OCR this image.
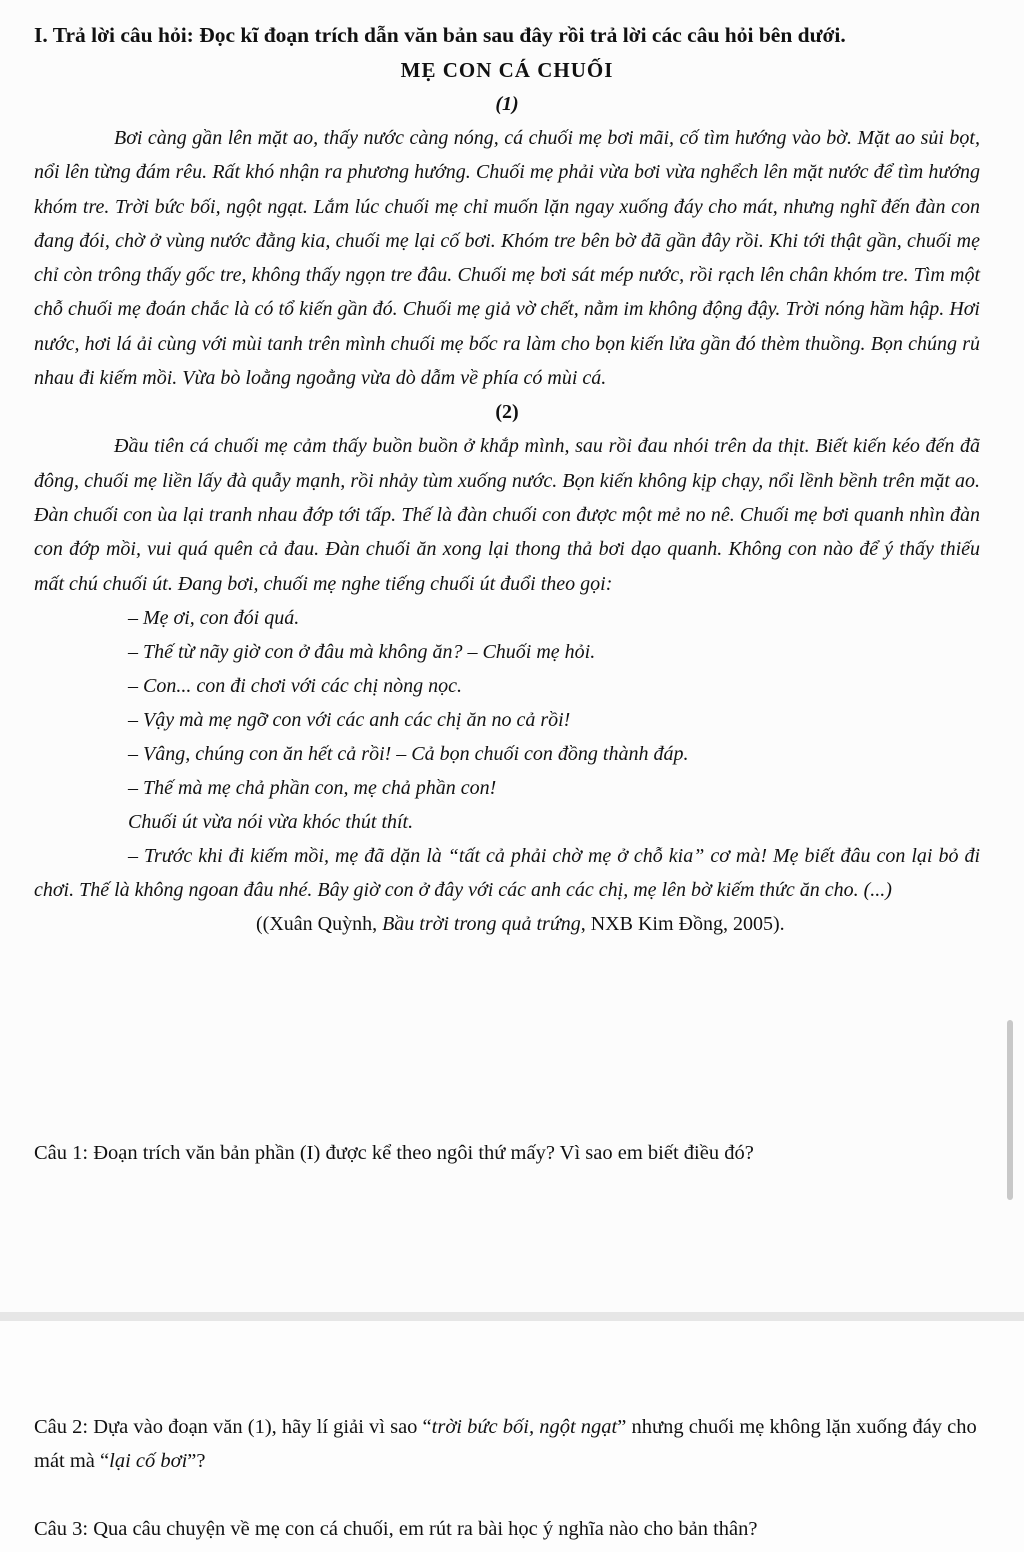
I. Trả lời câu hỏi: Đọc kĩ đoạn trích dẫn văn bản sau đây rồi trả lời các câu hỏi bên dưới.

MẸ CON CÁ CHUỐI

(1)

Bơi càng gần lên mặt ao, thấy nước càng nóng, cá chuối mẹ bơi mãi, cố tìm hướng vào bờ. Mặt ao sủi bọt, nổi lên từng đám rêu. Rất khó nhận ra phương hướng. Chuối mẹ phải vừa bơi vừa nghểch lên mặt nước để tìm hướng khóm tre. Trời bức bối, ngột ngạt. Lắm lúc chuối mẹ chỉ muốn lặn ngay xuống đáy cho mát, nhưng nghĩ đến đàn con đang đói, chờ ở vùng nước đằng kia, chuối mẹ lại cố bơi. Khóm tre bên bờ đã gần đây rồi. Khi tới thật gần, chuối mẹ chỉ còn trông thấy gốc tre, không thấy ngọn tre đâu. Chuối mẹ bơi sát mép nước, rồi rạch lên chân khóm tre. Tìm một chỗ chuối mẹ đoán chắc là có tổ kiến gần đó. Chuối mẹ giả vờ chết, nằm im không động đậy. Trời nóng hầm hập. Hơi nước, hơi lá ải cùng với mùi tanh trên mình chuối mẹ bốc ra làm cho bọn kiến lửa gần đó thèm thuồng. Bọn chúng rủ nhau đi kiếm mồi. Vừa bò loằng ngoằng vừa dò dẫm về phía có mùi cá.

(2)

Đầu tiên cá chuối mẹ cảm thấy buồn buồn ở khắp mình, sau rồi đau nhói trên da thịt. Biết kiến kéo đến đã đông, chuối mẹ liền lấy đà quẫy mạnh, rồi nhảy tùm xuống nước. Bọn kiến không kịp chạy, nổi lềnh bềnh trên mặt ao. Đàn chuối con ùa lại tranh nhau đớp tới tấp. Thế là đàn chuối con được một mẻ no nê. Chuối mẹ bơi quanh nhìn đàn con đớp mồi, vui quá quên cả đau. Đàn chuối ăn xong lại thong thả bơi dạo quanh. Không con nào để ý thấy thiếu mất chú chuối út. Đang bơi, chuối mẹ nghe tiếng chuối út đuổi theo gọi:

– Mẹ ơi, con đói quá.

– Thế từ nãy giờ con ở đâu mà không ăn? – Chuối mẹ hỏi.

– Con... con đi chơi với các chị nòng nọc.

– Vậy mà mẹ ngỡ con với các anh các chị ăn no cả rồi!

– Vâng, chúng con ăn hết cả rồi! – Cả bọn chuối con đồng thành đáp.

– Thế mà mẹ chả phần con, mẹ chả phần con!

Chuối út vừa nói vừa khóc thút thít.

– Trước khi đi kiếm mồi, mẹ đã dặn là “tất cả phải chờ mẹ ở chỗ kia” cơ mà! Mẹ biết đâu con lại bỏ đi chơi. Thế là không ngoan đâu nhé. Bây giờ con ở đây với các anh các chị, mẹ lên bờ kiếm thức ăn cho. (...)

((Xuân Quỳnh, Bầu trời trong quả trứng, NXB Kim Đồng, 2005).

Câu 1: Đoạn trích văn bản phần (I) được kể theo ngôi thứ mấy? Vì sao em biết điều đó?

Câu 2: Dựa vào đoạn văn (1), hãy lí giải vì sao “trời bức bối, ngột ngạt” nhưng chuối mẹ không lặn xuống đáy cho mát mà “lại cố bơi”?

Câu 3: Qua câu chuyện về mẹ con cá chuối, em rút ra bài học ý nghĩa nào cho bản thân?
